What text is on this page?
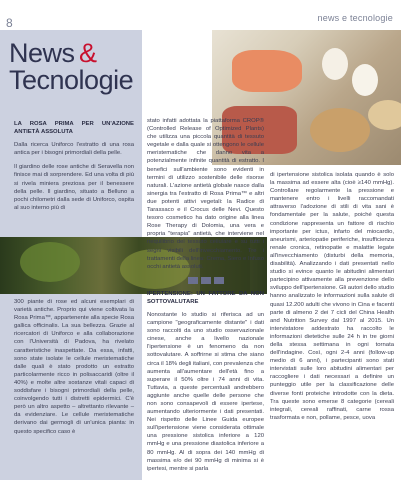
8	news e tecnologie
News &
Tecnologie

LA ROSA PRIMA PER UN'AZIONE ANTIETÀ ASSOLUTA

Dalla ricerca Uniforco l'estratto di una rosa antica per i bisogni primordiali della pelle.

Il giardino delle rose antiche di Seravella non finisce mai di sorprendere. Ed una volta di più si rivela miniera preziosa per il benessere della pelle. Il giardino, situato a Belluno a pochi chilometri dalla sede di Uniforco, ospita al suo interno più di

300 piante di rose ed alcuni esemplari di varietà antiche. Proprio qui viene coltivata la Rosa Prima™, appartenente alla specie Rosa gallica officinalis. La sua bellezza. Grazie al ricercatori di Uniforco e alla collaborazione con l'Università di Padova, ha rivelato caratteristiche inaspettate. Da essa, infatti, sono state isolate le cellule meristematiche dalle quali è stato prodotto un estratto particolarmente ricco in polisaccaridi (oltre il 40%) e molte altre sostanze vitali capaci di soddisfare i bisogni primordiali della pelle, coinvolgendo tutti i distretti epidermici. C'è però un altro aspetto – altrettanto rilevante – da evidenziare. Le cellule meristematiche derivano dai germogli di un'unica pianta: in questo specifico caso è

stato infatti adottata la piattaforma CROP® (Controlled Release of Optimized Plants) che utilizza una piccola quantità di tessuto vegetale e dalla quale si ottengono le cellule meristematiche che danno vita a potenzialmente infinite quantità di estratto. I benefici sull'ambiente sono evidenti in termini di utilizzo sostenibile delle risorse naturali. L'azione antietà globale nasce dalla sinergia tra l'estratto di Rosa Prima™ e altri due potenti attivi vegetali: la Radice di Tarassaco e il Crocus delle Nevi. Questo tesoro cosmetico ha dato origine alla linea Rose Therapy di Dolomia, una vera e propria "terapia" antietà, che interviene nel riequilibrio del tessuto cellulare e su tutti i segni visibili dell'invecchiamento. Tre i trattamenti della linea: Crema, Siero e Infuso occhi antietà assoluti.

IPERTENSIONE: UN FATTORE DA NON SOTTOVALUTARE

Nonostante lo studio si riferisca ad un campione "geograficamente distante" i dati sono raccolti da uno studio osservazionale cinese, anche a livello nazionale l'ipertensione è un fenomeno da non sottovalutare. A soffrirne si stima che siano circa il 18% degli italiani, con prevalenza che aumenta all'aumentare dell'età fino a superare il 50% oltre i 74 anni di vita. Tuttavia, a queste percentuali andrebbero aggiunte anche quelle delle persone che non sono consapevoli di essere ipertese, aumentando ulteriormente i dati presentati. Nei rispetto delle Linee Guida europee sull'ipertensione viene considerata ottimale una pressione sistolica inferiore a 120 mmHg e una pressione diastolica inferiore a 80 mmHg. Al di sopra dei 140 mmHg di massima e/o dei 90 mmHg di minima si è ipertesi, mentre si parla

di ipertensione sistolica isolata quando è solo la massima ad essere alta (cioè ≥140 mmHg). Controllare regolarmente la pressione e mantenere entro i livelli raccomandati attraverso l'adozione di stili di vita sani è fondamentale per la salute, poiché questa condizione rappresenta un fattore di rischio importante per ictus, infarto del miocardio, aneurismi, arteriopatie periferiche, insufficienza renale cronica, retinopatie e malattie legate all'invecchiamento (disturbi della memoria, disabilità). Analizzando i dati presentati nello studio si evince quanto le abitudini alimentari partecipino attivamente alla prevenzione dello sviluppo dell'ipertensione. Gli autori dello studio hanno analizzato le informazioni sulla salute di quasi 12.200 adulti che vivono in Cina e facenti parte di almeno 2 dei 7 cicli del China Health and Nutrition Survey dal 1997 al 2015. Un intervistatore addestrato ha raccolto le informazioni dietetiche sulle 24 h in tre giorni della stessa settimana in ogni tornata dell'indagine. Così, ogni 2-4 anni (follow-up medio di 6 anni), i partecipanti sono stati intervistati sulle loro abitudini alimentari per raccogliere i dati necessari a definire un punteggio utile per la classificazione delle diverse fonti proteiche introdotte con la dieta. Tra queste sono emerse 8 categorie (cereali integrali, cereali raffinati, carne rossa trasformata e non, pollame, pesce, uova
